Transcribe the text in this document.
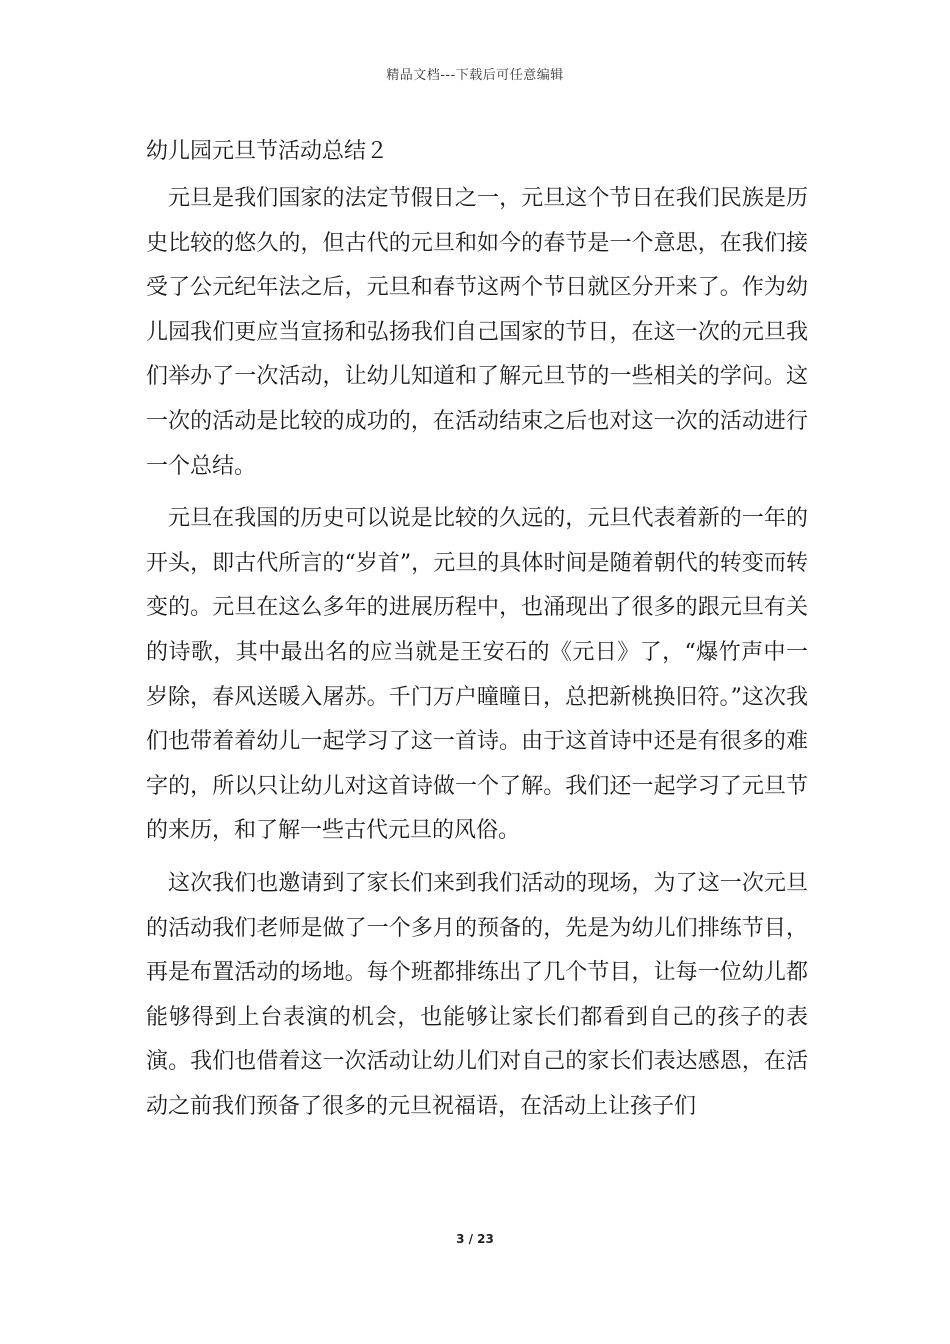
精品文档---下载后可任意编辑
幼儿园元旦节活动总结２

元旦是我们国家的法定节假日之一，元旦这个节日在我们民族是历史比较的悠久的，但古代的元旦和如今的春节是一个意思，在我们接受了公元纪年法之后，元旦和春节这两个节日就区分开来了。作为幼儿园我们更应当宣扬和弘扬我们自己国家的节日，在这一次的元旦我们举办了一次活动，让幼儿知道和了解元旦节的一些相关的学问。这一次的活动是比较的成功的，在活动结束之后也对这一次的活动进行一个总结。

元旦在我国的历史可以说是比较的久远的，元旦代表着新的一年的开头，即古代所言的“岁首”，元旦的具体时间是随着朝代的转变而转变的。元旦在这么多年的进展历程中，也涌现出了很多的跟元旦有关的诗歌，其中最出名的应当就是王安石的《元日》了，“爆竹声中一岁除，春风送暖入屠苏。千门万户曈曈日，总把新桃换旧符。”这次我们也带着着幼儿一起学习了这一首诗。由于这首诗中还是有很多的难字的，所以只让幼儿对这首诗做一个了解。我们还一起学习了元旦节的来历，和了解一些古代元旦的风俗。

这次我们也邀请到了家长们来到我们活动的现场，为了这一次元旦的活动我们老师是做了一个多月的预备的，先是为幼儿们排练节目，再是布置活动的场地。每个班都排练出了几个节目，让每一位幼儿都能够得到上台表演的机会，也能够让家长们都看到自己的孩子的表演。我们也借着这一次活动让幼儿们对自己的家长们表达感恩，在活动之前我们预备了很多的元旦祝福语，在活动上让孩子们

3 / 23
